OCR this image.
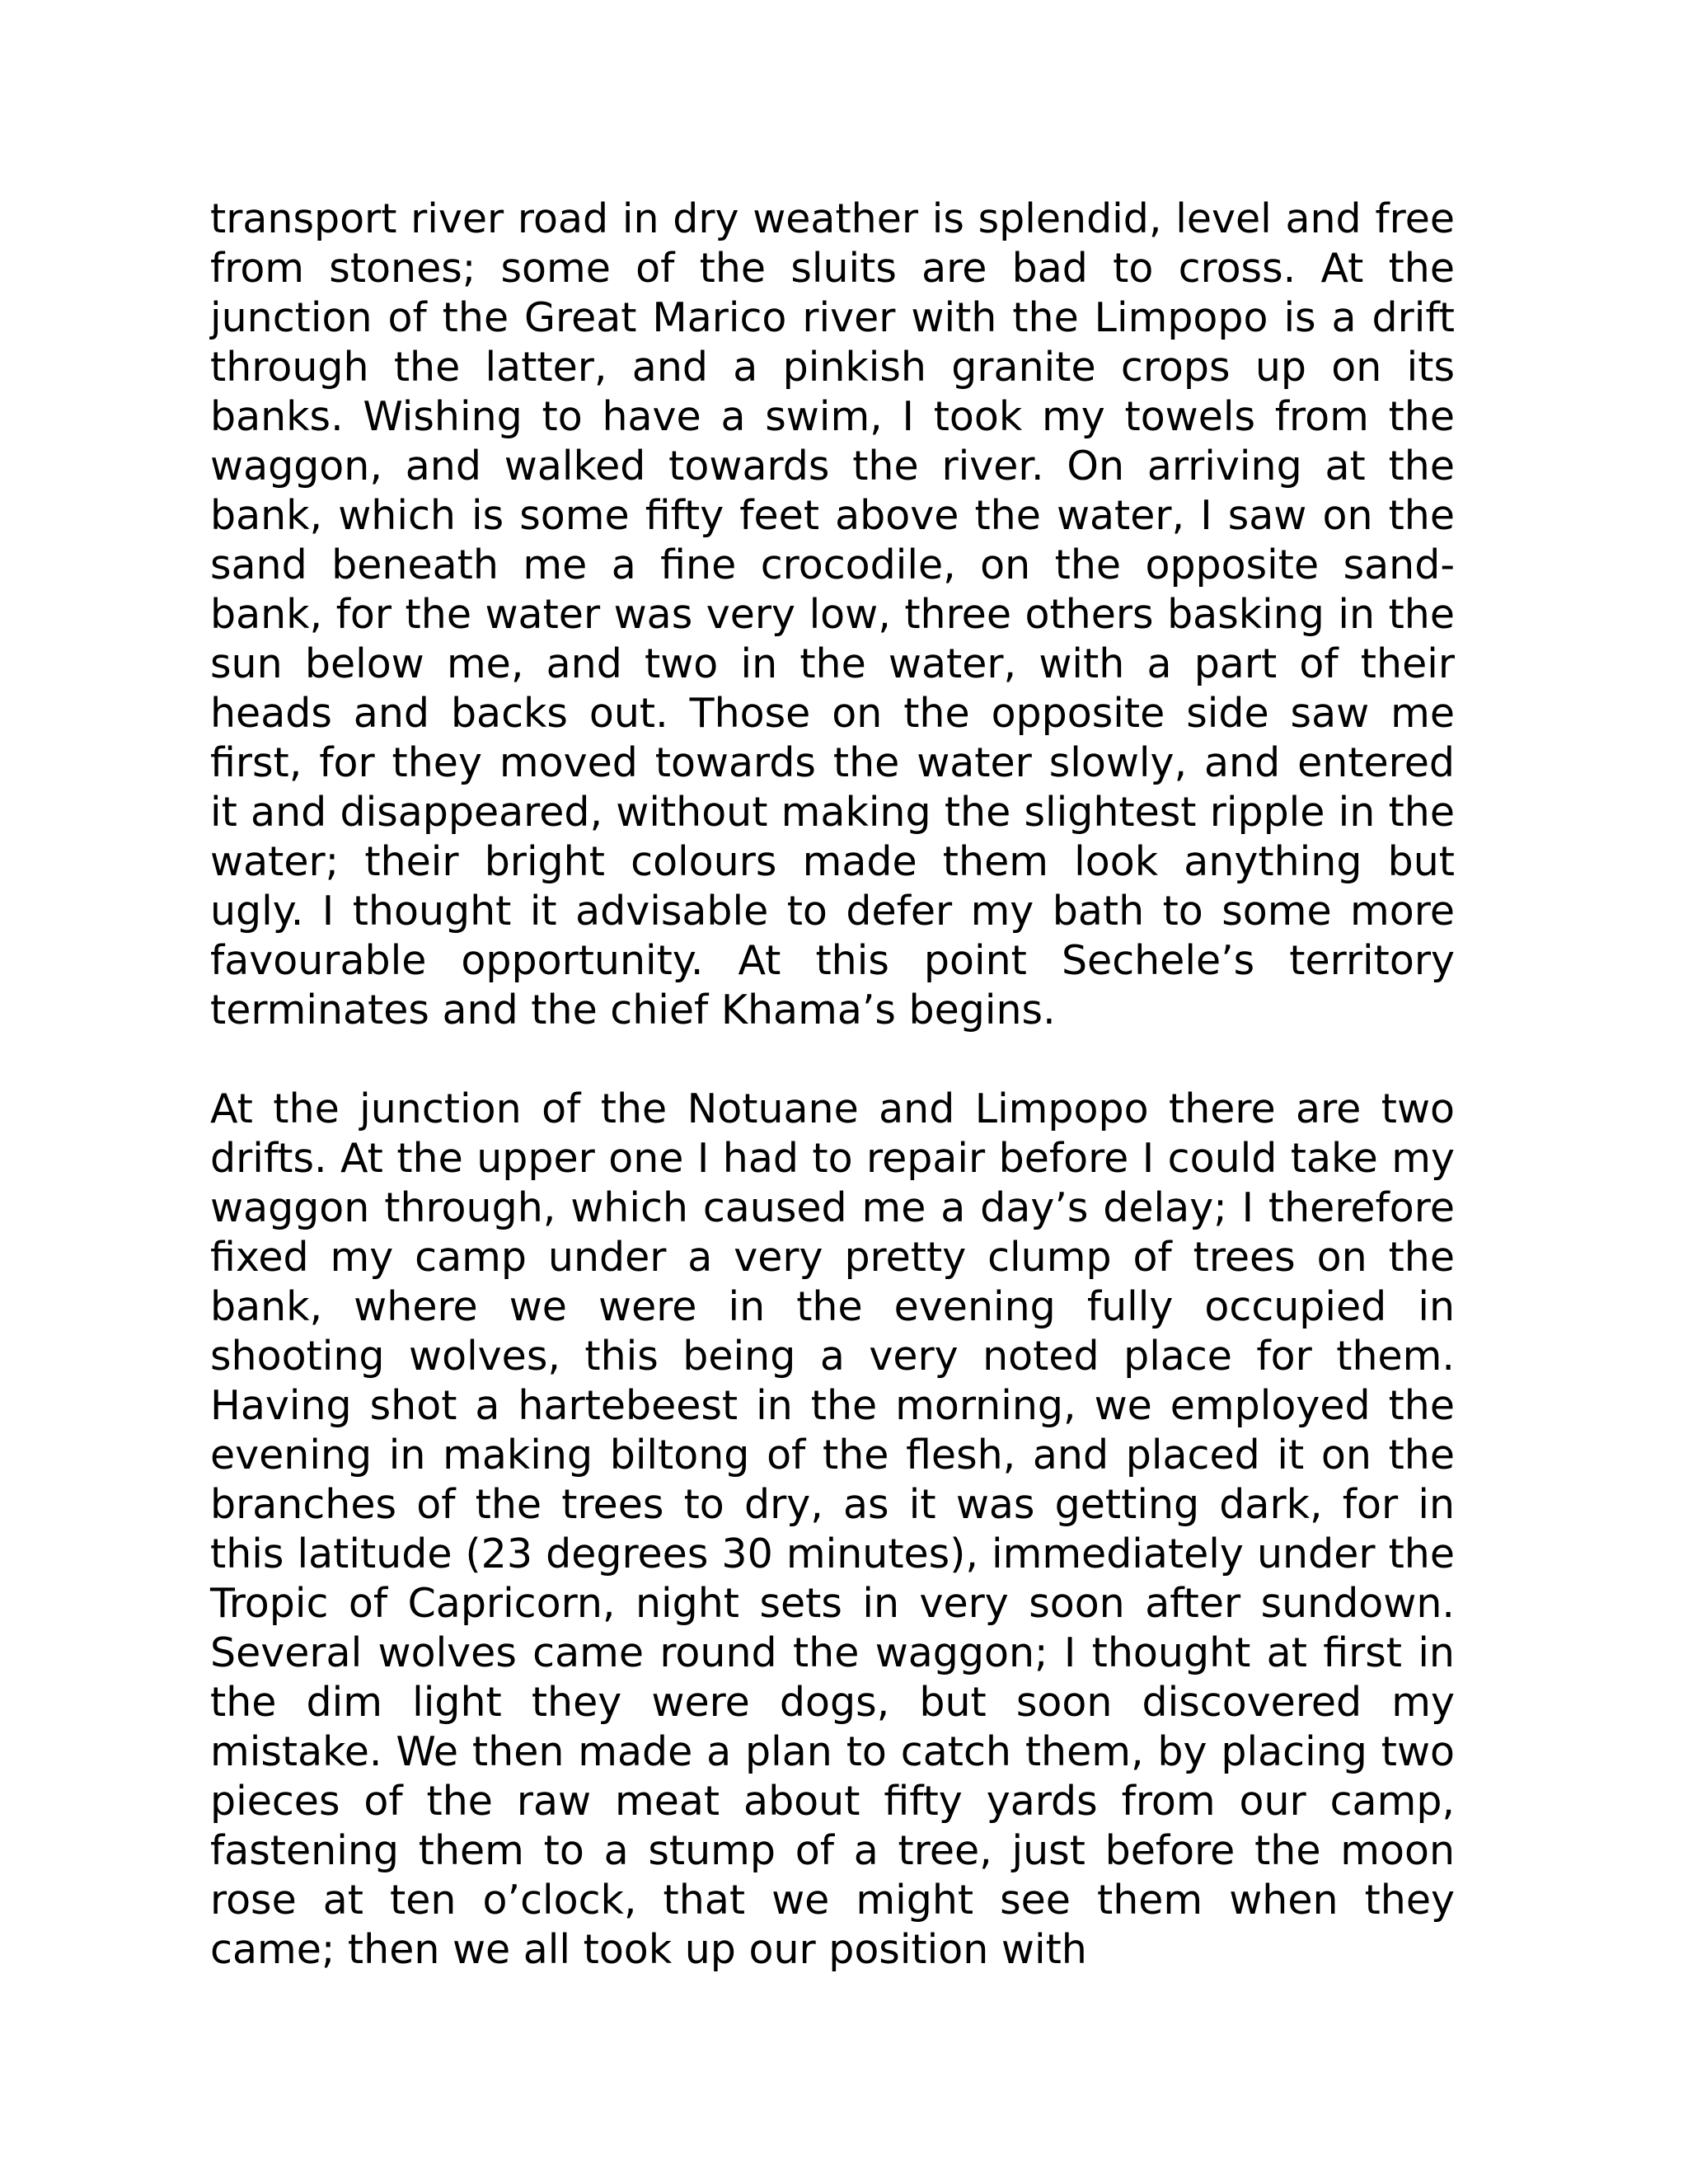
transport river road in dry weather is splendid, level and free from stones; some of the sluits are bad to cross. At the junction of the Great Marico river with the Limpopo is a drift through the latter, and a pinkish granite crops up on its banks. Wishing to have a swim, I took my towels from the waggon, and walked towards the river. On arriving at the bank, which is some fifty feet above the water, I saw on the sand beneath me a fine crocodile, on the opposite sand-bank, for the water was very low, three others basking in the sun below me, and two in the water, with a part of their heads and backs out. Those on the opposite side saw me first, for they moved towards the water slowly, and entered it and disappeared, without making the slightest ripple in the water; their bright colours made them look anything but ugly. I thought it advisable to defer my bath to some more favourable opportunity. At this point Sechele’s territory terminates and the chief Khama’s begins.

At the junction of the Notuane and Limpopo there are two drifts. At the upper one I had to repair before I could take my waggon through, which caused me a day’s delay; I therefore fixed my camp under a very pretty clump of trees on the bank, where we were in the evening fully occupied in shooting wolves, this being a very noted place for them. Having shot a hartebeest in the morning, we employed the evening in making biltong of the flesh, and placed it on the branches of the trees to dry, as it was getting dark, for in this latitude (23 degrees 30 minutes), immediately under the Tropic of Capricorn, night sets in very soon after sundown. Several wolves came round the waggon; I thought at first in the dim light they were dogs, but soon discovered my mistake. We then made a plan to catch them, by placing two pieces of the raw meat about fifty yards from our camp, fastening them to a stump of a tree, just before the moon rose at ten o’clock, that we might see them when they came; then we all took up our position with
